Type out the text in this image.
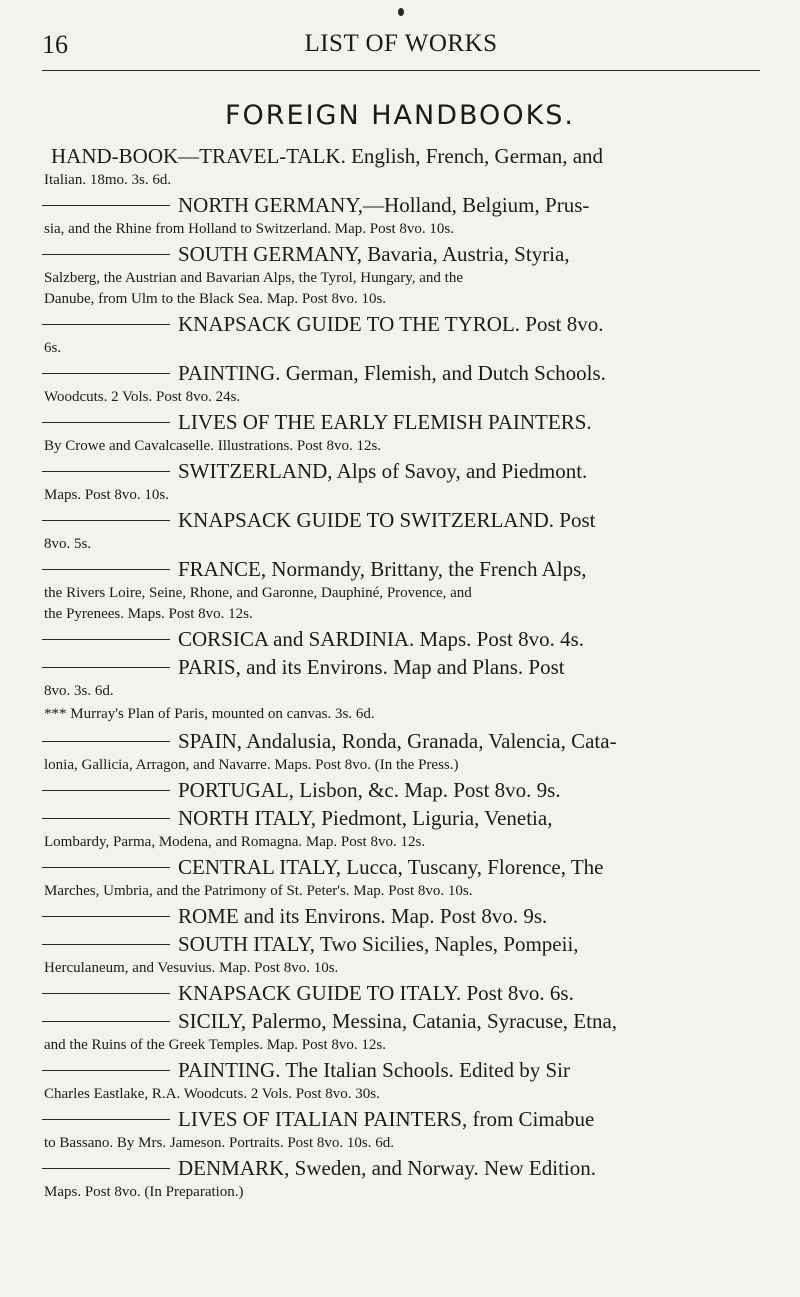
16	LIST OF WORKS
FOREIGN HANDBOOKS.
HAND-BOOK—TRAVEL-TALK. English, French, German, and
Italian. 18mo. 3s. 6d.
NORTH GERMANY,—Holland, Belgium, Prus-
sia, and the Rhine from Holland to Switzerland. Map. Post 8vo. 10s.
SOUTH GERMANY, Bavaria, Austria, Styria,
Salzberg, the Austrian and Bavarian Alps, the Tyrol, Hungary, and the
Danube, from Ulm to the Black Sea. Map. Post 8vo. 10s.
KNAPSACK GUIDE TO THE TYROL. Post 8vo.
6s.
PAINTING. German, Flemish, and Dutch Schools.
Woodcuts. 2 Vols. Post 8vo. 24s.
LIVES OF THE EARLY FLEMISH PAINTERS.
By Crowe and Cavalcaselle. Illustrations. Post 8vo. 12s.
SWITZERLAND, Alps of Savoy, and Piedmont.
Maps. Post 8vo. 10s.
KNAPSACK GUIDE TO SWITZERLAND. Post
8vo. 5s.
FRANCE, Normandy, Brittany, the French Alps,
the Rivers Loire, Seine, Rhone, and Garonne, Dauphiné, Provence, and
the Pyrenees. Maps. Post 8vo. 12s.
CORSICA and SARDINIA. Maps. Post 8vo. 4s.
PARIS, and its Environs. Map and Plans. Post
8vo. 3s. 6d.
*** Murray's Plan of Paris, mounted on canvas. 3s. 6d.
SPAIN, Andalusia, Ronda, Granada, Valencia, Cata-
lonia, Gallicia, Arragon, and Navarre. Maps. Post 8vo. (In the Press.)
PORTUGAL, Lisbon, &c. Map. Post 8vo. 9s.
NORTH ITALY, Piedmont, Liguria, Venetia,
Lombardy, Parma, Modena, and Romagna. Map. Post 8vo. 12s.
CENTRAL ITALY, Lucca, Tuscany, Florence, The
Marches, Umbria, and the Patrimony of St. Peter's. Map. Post 8vo. 10s.
ROME and its Environs. Map. Post 8vo. 9s.
SOUTH ITALY, Two Sicilies, Naples, Pompeii,
Herculaneum, and Vesuvius. Map. Post 8vo. 10s.
KNAPSACK GUIDE TO ITALY. Post 8vo. 6s.
SICILY, Palermo, Messina, Catania, Syracuse, Etna,
and the Ruins of the Greek Temples. Map. Post 8vo. 12s.
PAINTING. The Italian Schools. Edited by Sir
Charles Eastlake, R.A. Woodcuts. 2 Vols. Post 8vo. 30s.
LIVES OF ITALIAN PAINTERS, from Cimabue
to Bassano. By Mrs. Jameson. Portraits. Post 8vo. 10s. 6d.
DENMARK, Sweden, and Norway. New Edition.
Maps. Post 8vo. (In Preparation.)
